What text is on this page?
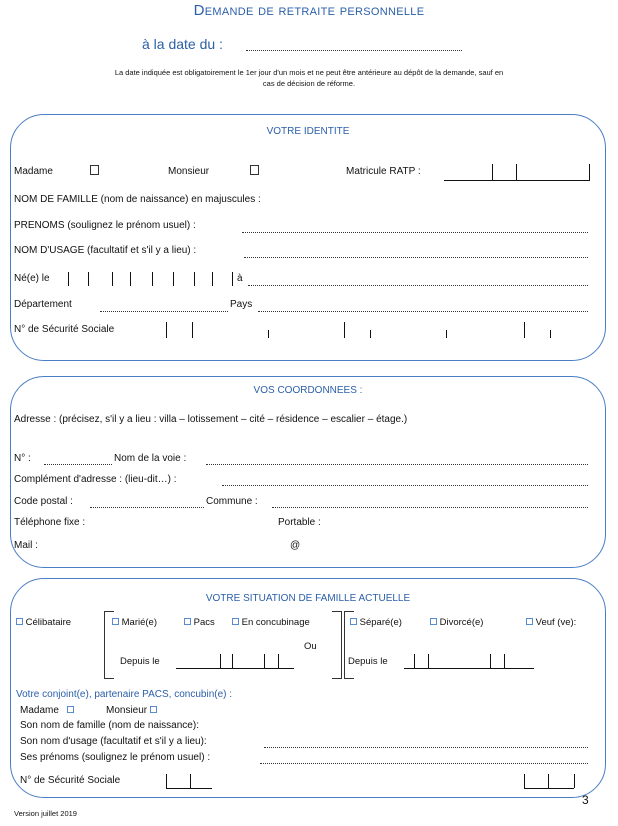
Demande de retraite personnelle
à la date du :
La date indiquée est obligatoirement le 1er jour d'un mois et ne peut être antérieure au dépôt de la demande, sauf en
cas de décision de réforme.
VOTRE IDENTITE
Madame	Monsieur	Matricule RATP :
NOM DE FAMILLE (nom de naissance) en majuscules :
PRENOMS (soulignez le prénom usuel) :
NOM D'USAGE (facultatif et s'il y a lieu) :
Né(e) le	à
Département	Pays
N° de Sécurité Sociale
VOS COORDONNEES :
Adresse : (précisez, s'il y a lieu : villa – lotissement – cité – résidence – escalier – étage.)
N° :	Nom de la voie :
Complément d'adresse : (lieu-dit…) :
Code postal :	Commune :
Téléphone fixe :	Portable :
Mail :	@
VOTRE SITUATION DE FAMILLE ACTUELLE
Célibataire	Marié(e)	Pacs	En concubinage
Ou
Séparé(e)	Divorcé(e)	Veuf (ve):
Depuis le	Depuis le
Votre conjoint(e), partenaire PACS, concubin(e) :
Madame	Monsieur
Son nom de famille (nom de naissance):
Son nom d'usage (facultatif et s'il y a lieu):
Ses prénoms (soulignez le prénom usuel) :
N° de Sécurité Sociale
Version juillet 2019
3
